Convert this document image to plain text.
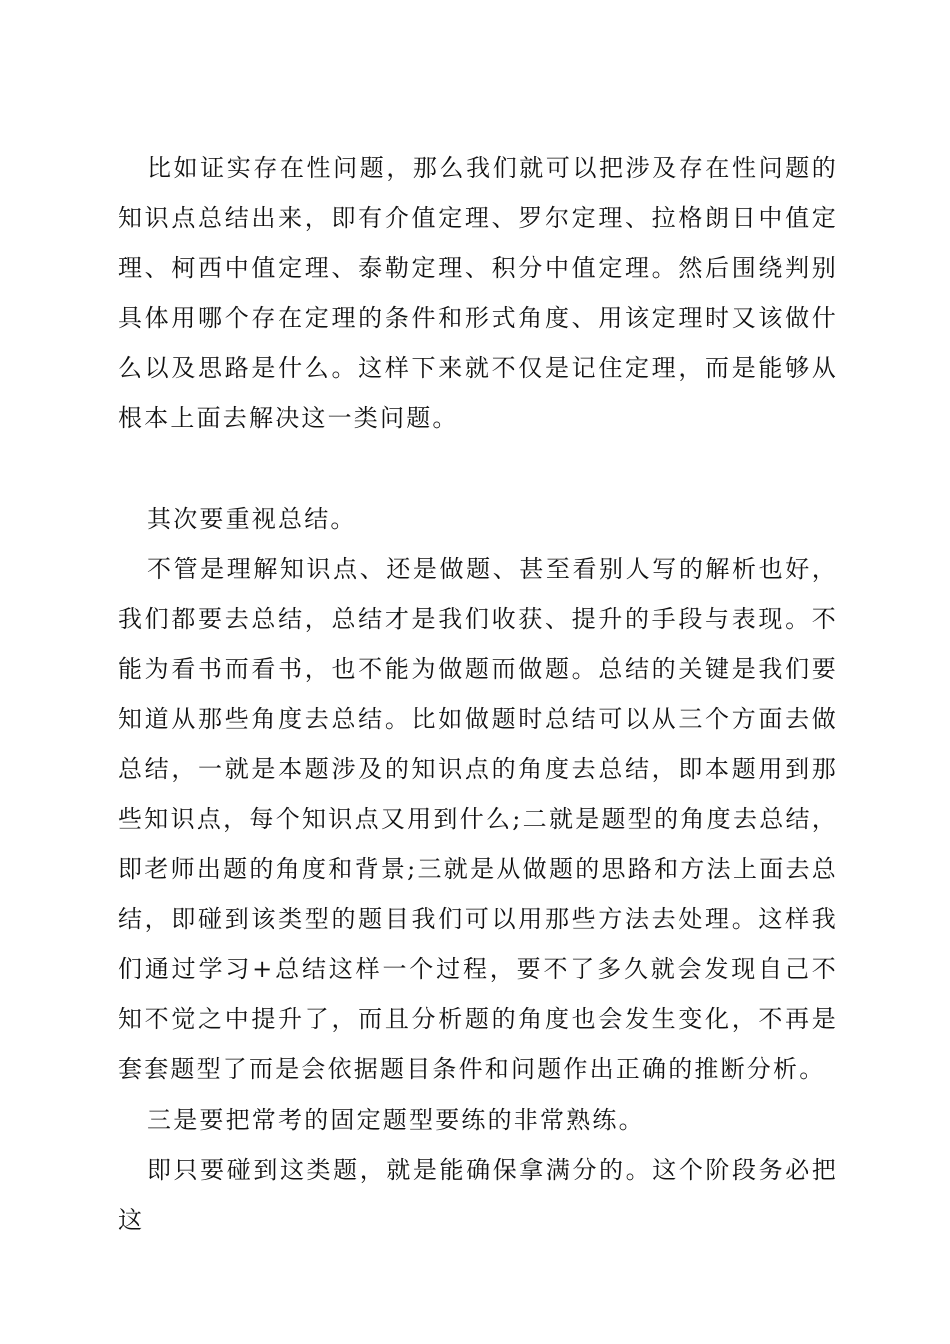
比如证实存在性问题，那么我们就可以把涉及存在性问题的知识点总结出来，即有介值定理、罗尔定理、拉格朗日中值定理、柯西中值定理、泰勒定理、积分中值定理。然后围绕判别具体用哪个存在定理的条件和形式角度、用该定理时又该做什么以及思路是什么。这样下来就不仅是记住定理，而是能够从根本上面去解决这一类问题。

其次要重视总结。

不管是理解知识点、还是做题、甚至看别人写的解析也好，我们都要去总结，总结才是我们收获、提升的手段与表现。不能为看书而看书，也不能为做题而做题。总结的关键是我们要知道从那些角度去总结。比如做题时总结可以从三个方面去做总结，一就是本题涉及的知识点的角度去总结，即本题用到那些知识点，每个知识点又用到什么;二就是题型的角度去总结，即老师出题的角度和背景;三就是从做题的思路和方法上面去总结，即碰到该类型的题目我们可以用那些方法去处理。这样我们通过学习+总结这样一个过程，要不了多久就会发现自己不知不觉之中提升了，而且分析题的角度也会发生变化，不再是套套题型了而是会依据题目条件和问题作出正确的推断分析。

三是要把常考的固定题型要练的非常熟练。

即只要碰到这类题，就是能确保拿满分的。这个阶段务必把这
